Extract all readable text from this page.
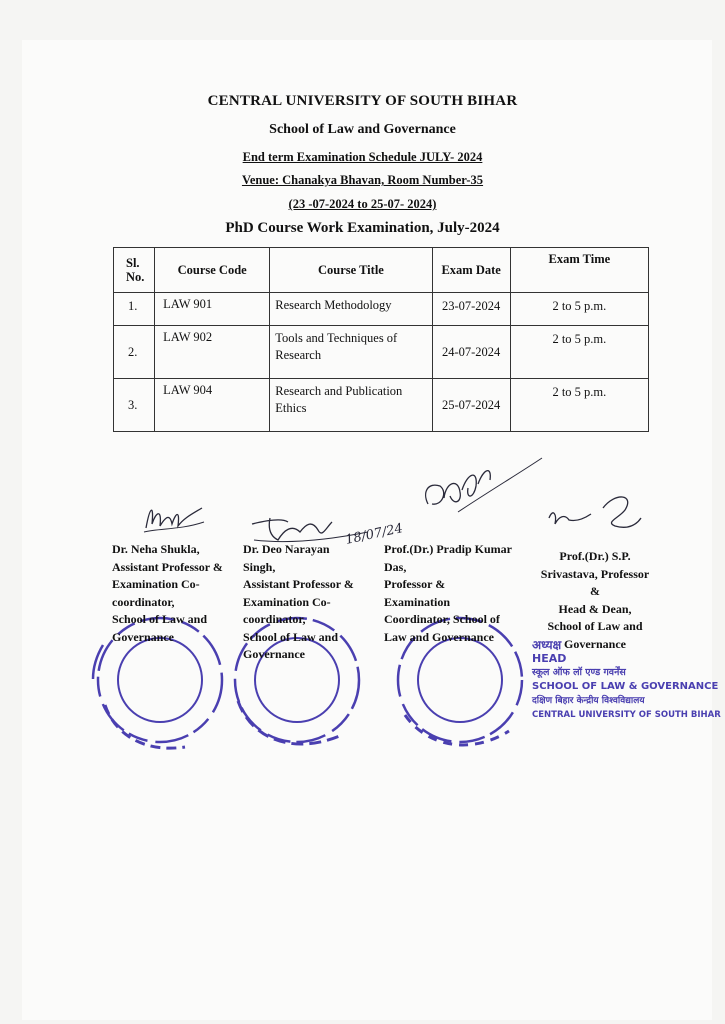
CENTRAL UNIVERSITY OF SOUTH BIHAR
School of Law and Governance
End term Examination Schedule JULY- 2024
Venue: Chanakya Bhavan, Room Number-35
(23 -07-2024 to 25-07- 2024)
PhD Course Work Examination, July-2024
Sl. No.	Course Code	Course Title	Exam Date	Exam Time
1.	LAW 901	Research Methodology	23-07-2024	2 to 5 p.m.
2.	LAW 902	Tools and Techniques of Research	24-07-2024	2 to 5 p.m.
3.	LAW 904	Research and Publication Ethics	25-07-2024	2 to 5 p.m.
18/07/24
Dr. Neha Shukla,
Assistant Professor &
Examination Co-
coordinator,
School of Law and
Governance
Dr. Deo Narayan
Singh,
Assistant Professor &
Examination Co-
coordinator,
School of Law and
Governance
Prof.(Dr.) Pradip Kumar
Das,
Professor &
Examination
Coordinator, School of
Law and Governance
Prof.(Dr.) S.P.
Srivastava, Professor
&
Head & Dean,
School of Law and
Governance
अध्यक्ष
HEAD
स्कूल ऑफ लॉ एण्ड गवर्नेंस
SCHOOL OF LAW & GOVERNANCE
दक्षिण बिहार केन्द्रीय विश्वविद्यालय
CENTRAL UNIVERSITY OF SOUTH BIHAR
